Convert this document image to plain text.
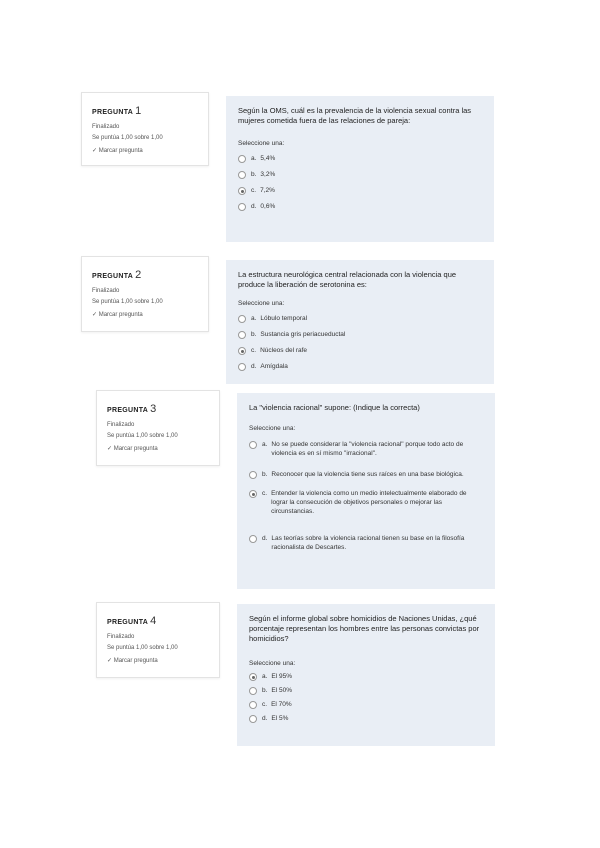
PREGUNTA 1
Finalizado
Se puntúa 1,00 sobre 1,00
✓ Marcar pregunta
Según la OMS, cuál es la prevalencia de la violencia sexual contra las mujeres cometida fuera de las relaciones de pareja:
Seleccione una:
a. 5,4%
b. 3,2%
c. 7,2%
d. 0,6%
PREGUNTA 2
Finalizado
Se puntúa 1,00 sobre 1,00
✓ Marcar pregunta
La estructura neurológica central relacionada con la violencia que produce la liberación de serotonina es:
Seleccione una:
a. Lóbulo temporal
b. Sustancia gris periacueductal
c. Núcleos del rafe
d. Amígdala
PREGUNTA 3
Finalizado
Se puntúa 1,00 sobre 1,00
✓ Marcar pregunta
La "violencia racional" supone: (Indique la correcta)
Seleccione una:
a. No se puede considerar la "violencia racional" porque todo acto de violencia es en sí mismo "irracional".
b. Reconocer que la violencia tiene sus raíces en una base biológica.
c. Entender la violencia como un medio intelectualmente elaborado de lograr la consecución de objetivos personales o mejorar las circunstancias.
d. Las teorías sobre la violencia racional tienen su base en la filosofía racionalista de Descartes.
PREGUNTA 4
Finalizado
Se puntúa 1,00 sobre 1,00
✓ Marcar pregunta
Según el informe global sobre homicidios de Naciones Unidas, ¿qué porcentaje representan los hombres entre las personas convictas por homicidios?
Seleccione una:
a. El 95%
b. El 50%
c. El 70%
d. El 5%
